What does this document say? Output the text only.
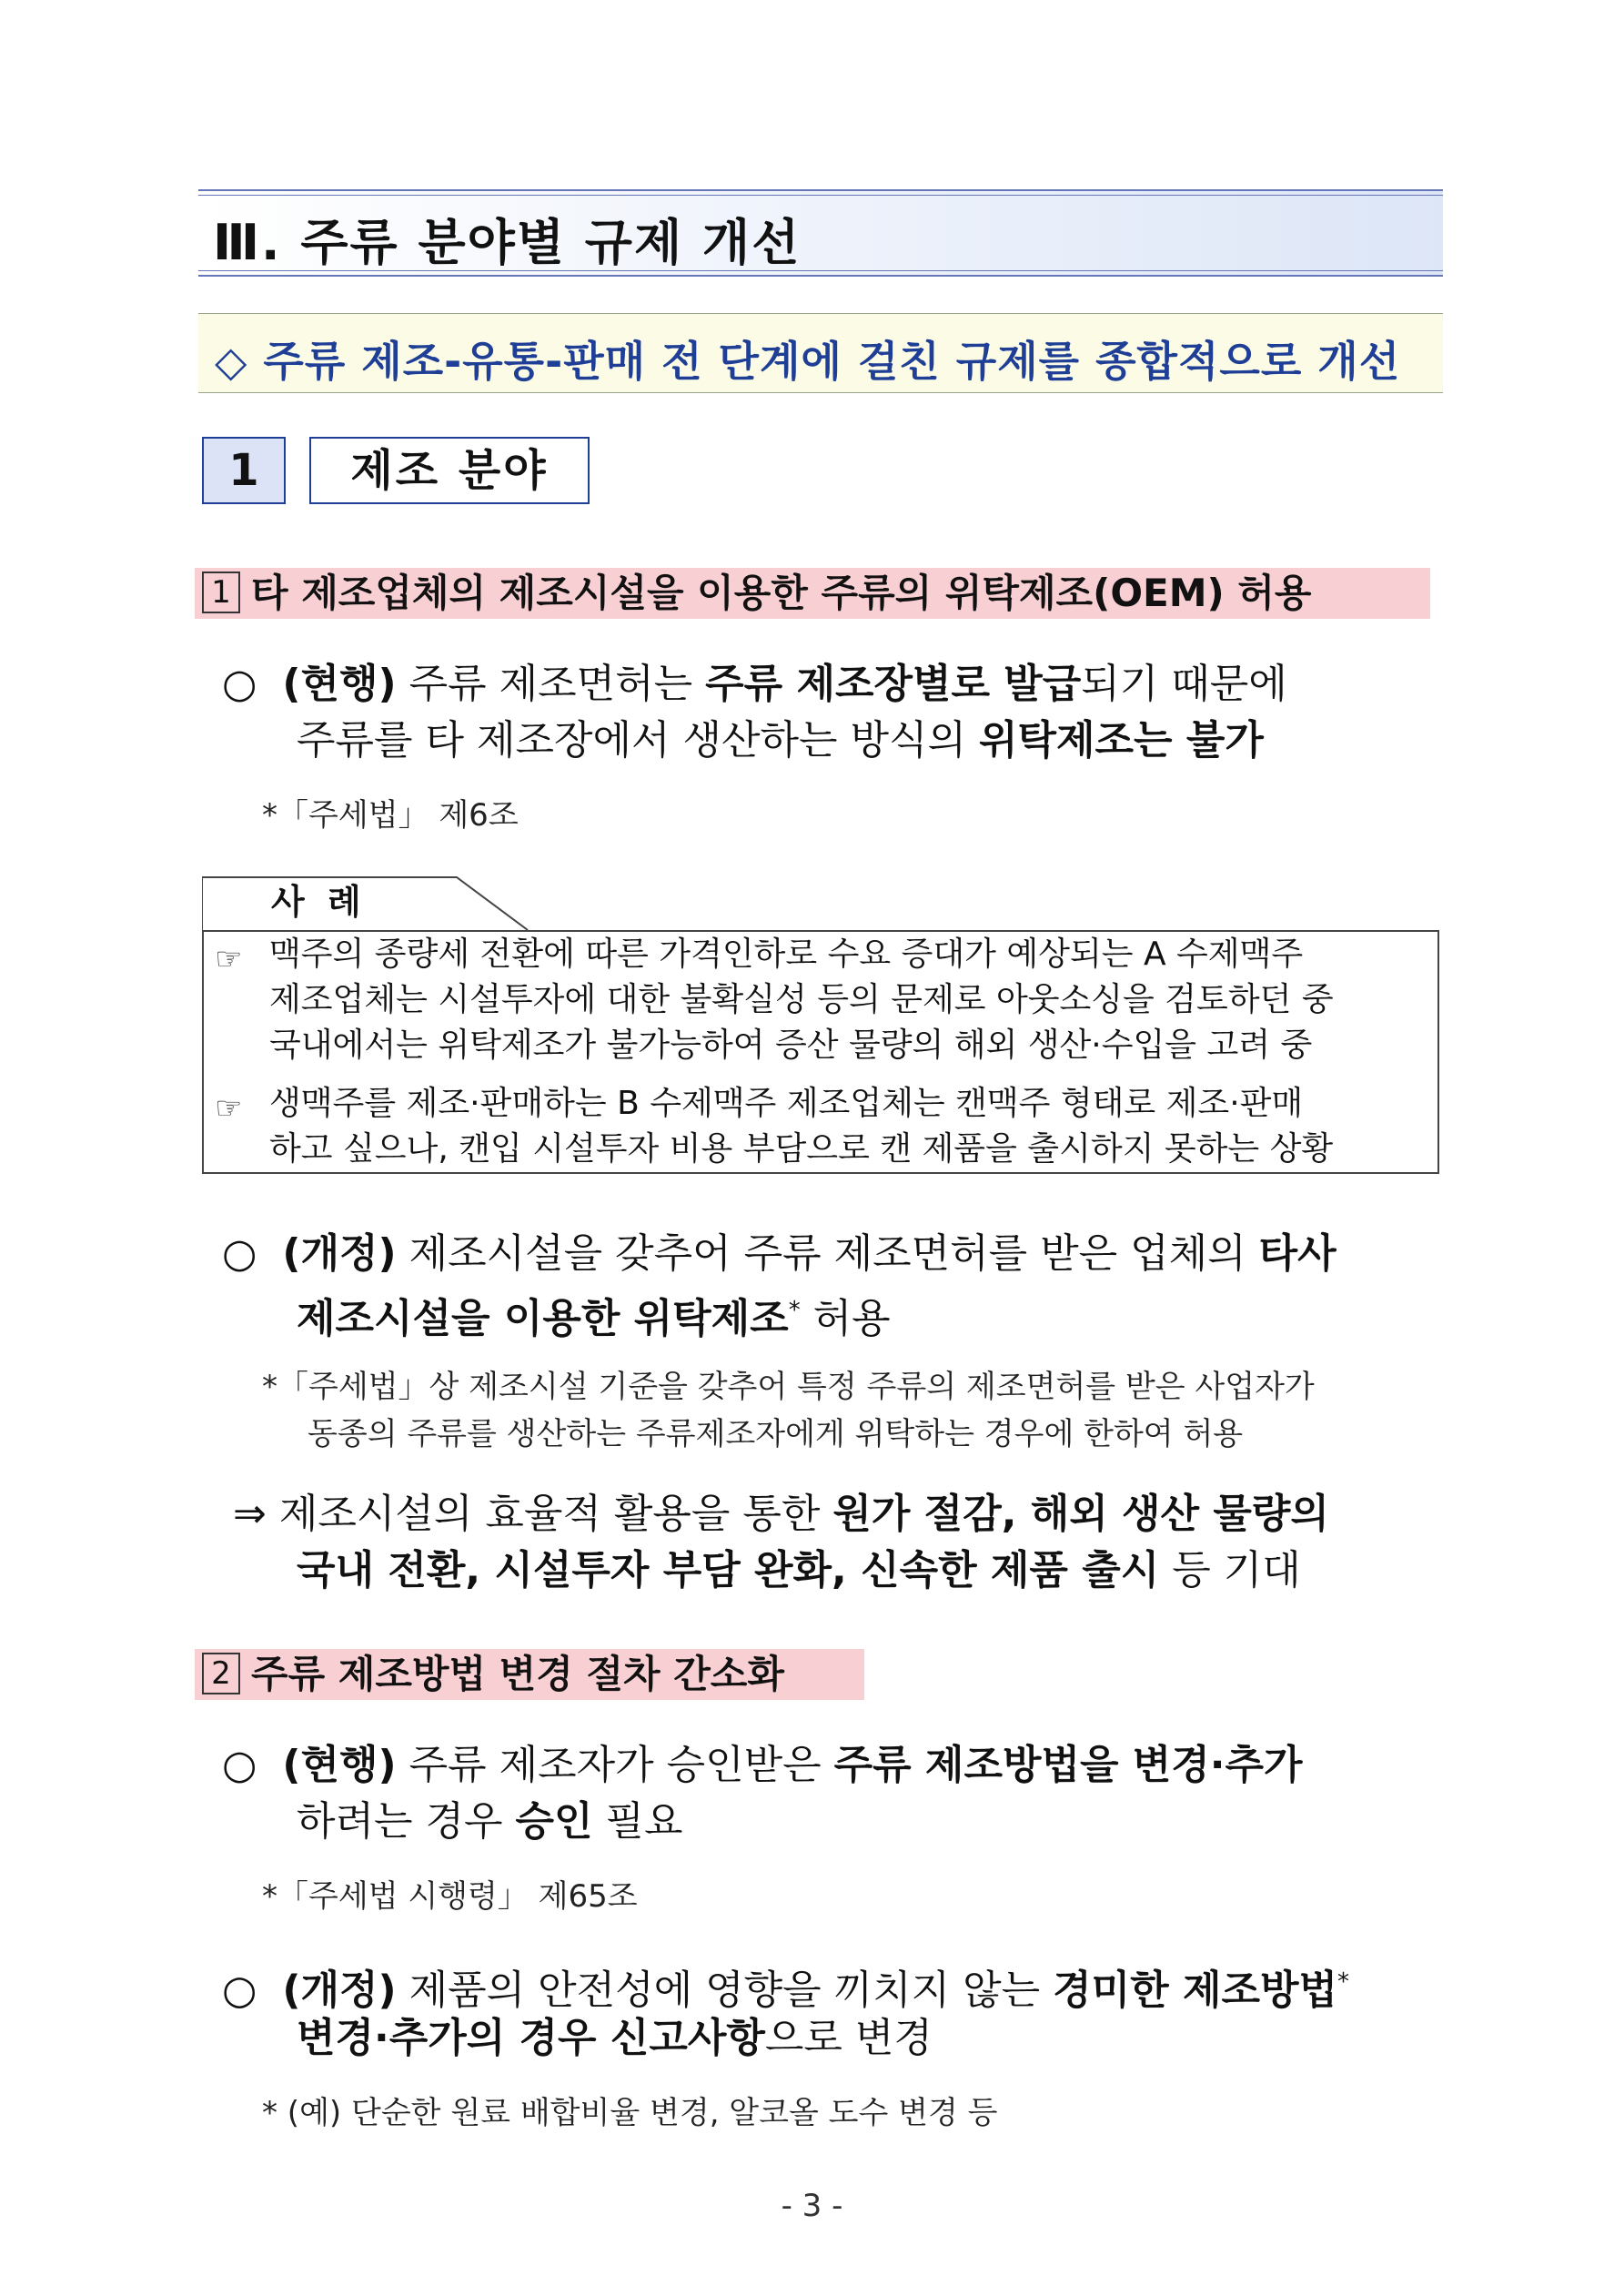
Ⅲ. 주류 분야별 규제 개선
◇ 주류 제조-유통-판매 전 단계에 걸친 규제를 종합적으로 개선
1	제조 분야
1 타 제조업체의 제조시설을 이용한 주류의 위탁제조(OEM) 허용
○ (현행) 주류 제조면허는 주류 제조장별로 발급되기 때문에
주류를 타 제조장에서 생산하는 방식의 위탁제조는 불가
*「주세법」 제6조
사 례
☞ 맥주의 종량세 전환에 따른 가격인하로 수요 증대가 예상되는 A 수제맥주
제조업체는 시설투자에 대한 불확실성 등의 문제로 아웃소싱을 검토하던 중
국내에서는 위탁제조가 불가능하여 증산 물량의 해외 생산·수입을 고려 중
☞ 생맥주를 제조·판매하는 B 수제맥주 제조업체는 캔맥주 형태로 제조·판매
하고 싶으나, 캔입 시설투자 비용 부담으로 캔 제품을 출시하지 못하는 상황
○ (개정) 제조시설을 갖추어 주류 제조면허를 받은 업체의 타사
제조시설을 이용한 위탁제조* 허용
*「주세법」상 제조시설 기준을 갖추어 특정 주류의 제조면허를 받은 사업자가
동종의 주류를 생산하는 주류제조자에게 위탁하는 경우에 한하여 허용
⇒ 제조시설의 효율적 활용을 통한 원가 절감, 해외 생산 물량의
국내 전환, 시설투자 부담 완화, 신속한 제품 출시 등 기대
2 주류 제조방법 변경 절차 간소화
○ (현행) 주류 제조자가 승인받은 주류 제조방법을 변경·추가
하려는 경우 승인 필요
*「주세법 시행령」 제65조
○ (개정) 제품의 안전성에 영향을 끼치지 않는 경미한 제조방법*
변경·추가의 경우 신고사항으로 변경
* (예) 단순한 원료 배합비율 변경, 알코올 도수 변경 등
- 3 -
